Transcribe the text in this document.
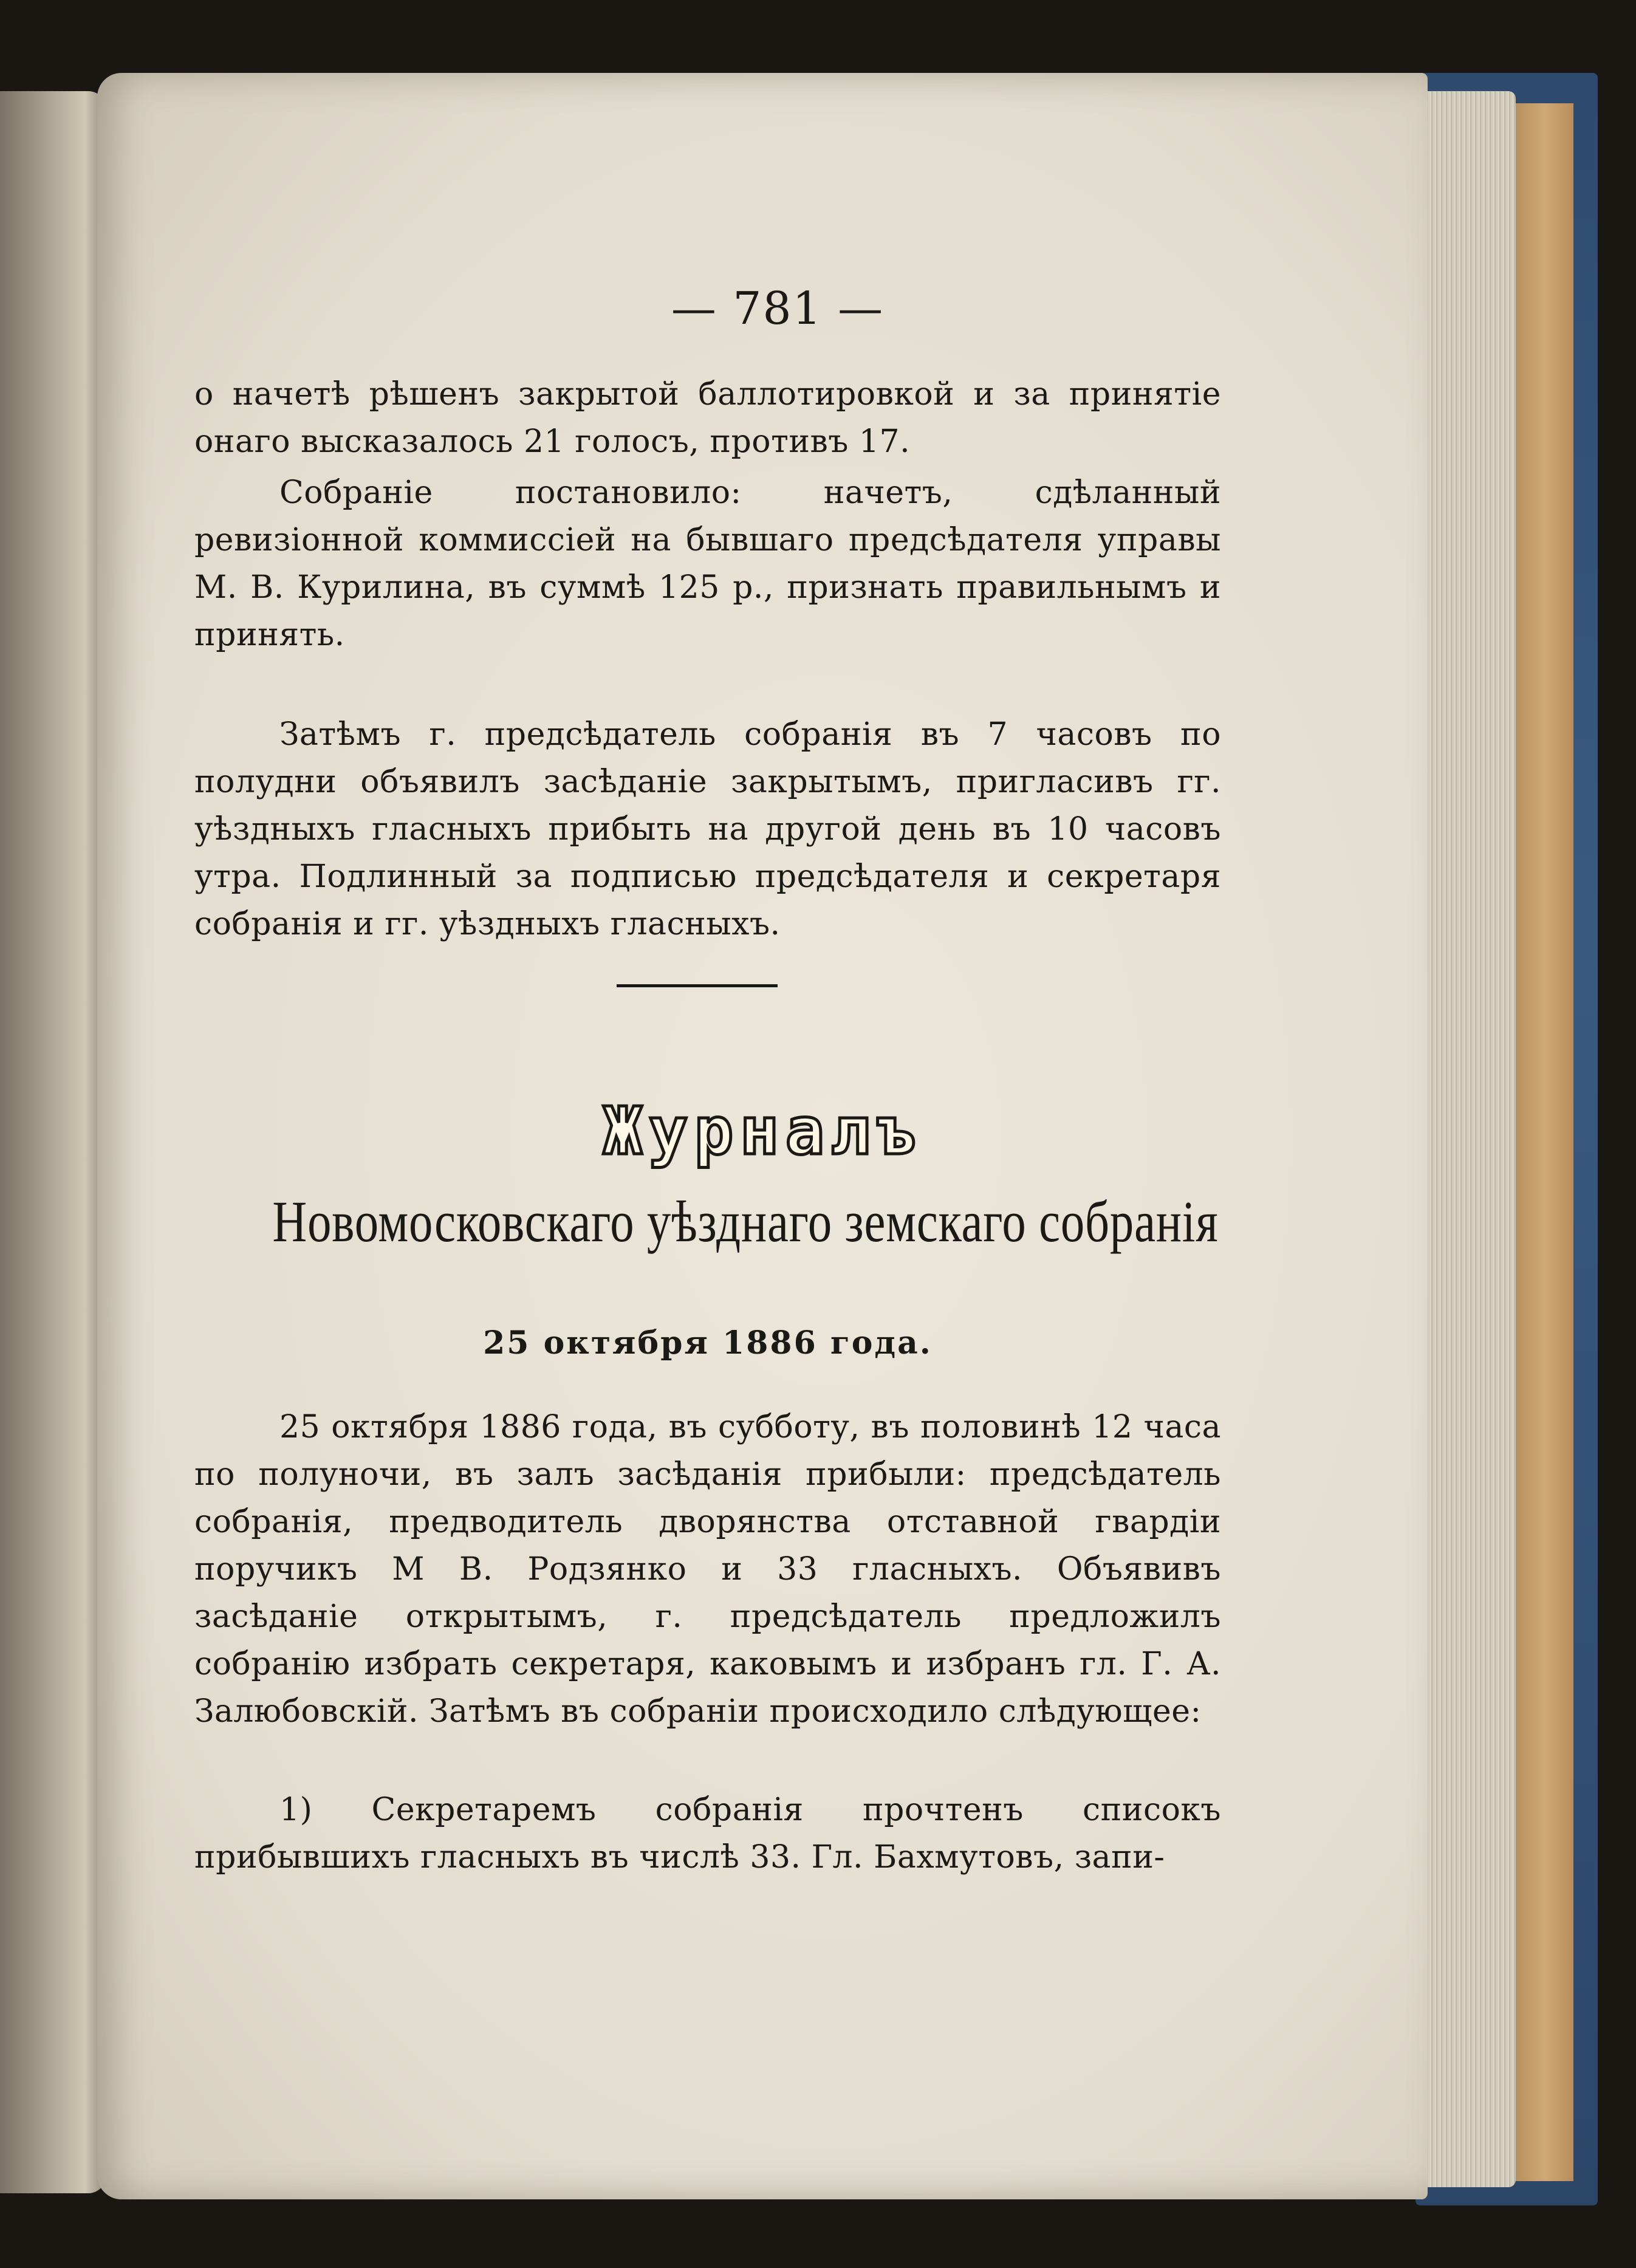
— 781 —

о начетѣ рѣшенъ закрытой баллотировкой и за принятіе онаго высказалось 21 голосъ, противъ 17.

Собраніе постановило: начетъ, сдѣланный ревизіонной коммиссіей на бывшаго предсѣдателя управы М. В. Курилина, въ суммѣ 125 р., признать правильнымъ и принять.

Затѣмъ г. предсѣдатель собранія въ 7 часовъ по полудни объявилъ засѣданіе закрытымъ, пригласивъ гг. уѣздныхъ гласныхъ прибыть на другой день въ 10 часовъ утра. Подлинный за подписью предсѣдателя и секретаря собранія и гг. уѣздныхъ гласныхъ.

Журналъ
Новомосковскаго уѣзднаго земскаго собранія
25 октября 1886 года.

25 октября 1886 года, въ субботу, въ половинѣ 12 часа по полуночи, въ залъ засѣданія прибыли: предсѣдатель собранія, предводитель дворянства отставной гвардіи поручикъ М В. Родзянко и 33 гласныхъ. Объявивъ засѣданіе открытымъ, г. предсѣдатель предложилъ собранію избрать секретаря, каковымъ и избранъ гл. Г. А. Залюбовскій. Затѣмъ въ собраніи происходило слѣдующее:

1) Секретаремъ собранія прочтенъ списокъ прибывшихъ гласныхъ въ числѣ 33. Гл. Бахмутовъ, запи-
